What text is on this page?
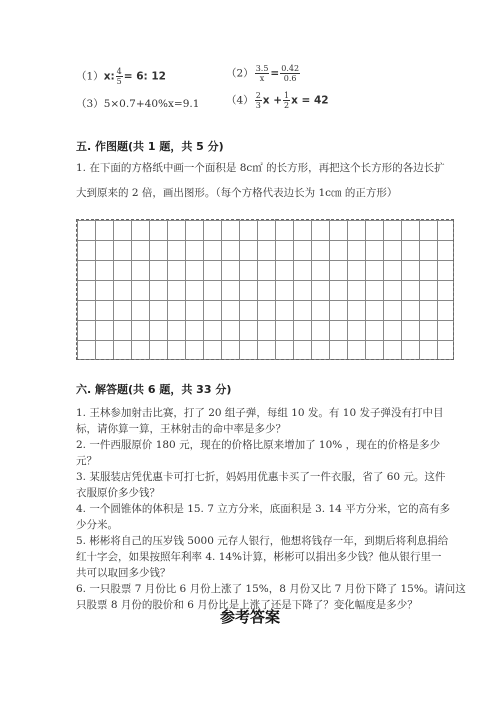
（1）x: $\frac{4}{5} = 6$: 12	$(2) \frac{3.5}{x} = \frac{0.42}{0.6}$
（3）5×0.7+40%x=9.1	$(4) \frac{2}{3}$ $x + \frac{1}{2}$ x = 42
五. 作图题(共 1 题，共 5 分)
1. 在下面的方格纸中画一个面积是 8c㎡ 的长方形，再把这个长方形的各边长扩
大到原来的 2 倍，画出图形。（每个方格代表边长为 1c㎝ 的正方形）
六. 解答题(共 6 题，共 33 分)
1. 王林参加射击比赛，打了 20 组子弹，每组 10 发。有 10 发子弹没有打中目
标，请你算一算，王林射击的命中率是多少？
2. 一件西服原价 180 元，现在的价格比原来增加了 10% ，现在的价格是多少
元？
3. 某服装店凭优惠卡可打七折，妈妈用优惠卡买了一件衣服，省了 60 元。这件
衣服原价多少钱？
4. 一个圆锥体的体积是 15. 7 立方分米，底面积是 3. 14 平方分米，它的高有多
少分米。
5. 彬彬将自己的压岁钱 5000 元存人银行，他想将钱存一年，到期后将利息捐给
红十字会，如果按照年利率 4. 14%计算，彬彬可以捐出多少钱？他从银行里一
共可以取回多少钱？
6. 一只股票 7 月份比 6 月份上涨了 15%，8 月份又比 7 月份下降了 15%。请问这
只股票 8 月份的股价和 6 月份比是上涨了还是下降了？变化幅度是多少？
参考答案
